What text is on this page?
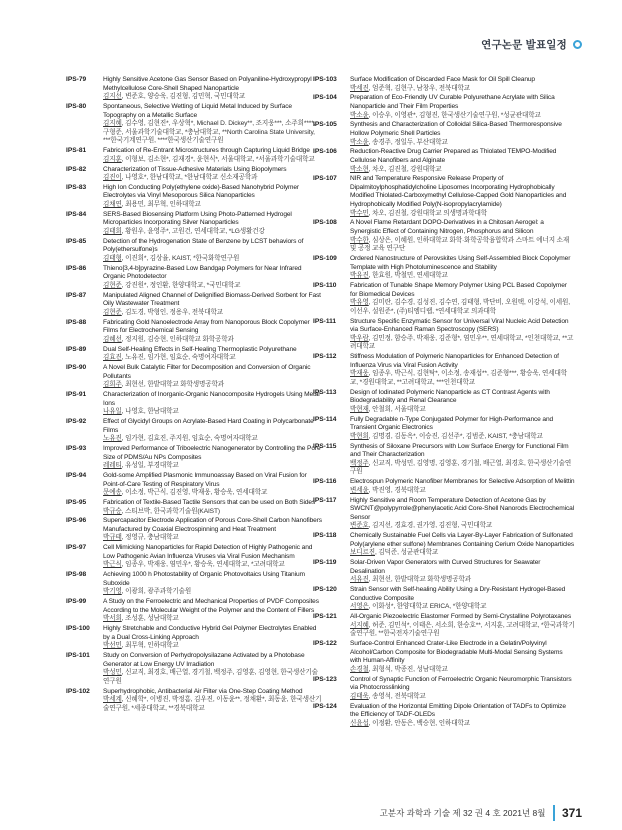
연구논문 발표일정
IPS-79	Highly Sensitive Acetone Gas Sensor Based on Polyaniline-Hydroxypropyl Methylcellulose Core-Shell Shaped Nanoparticle
김지선, 변준호, 양승욱, 김진형, 김민혁, 국민대학교
IPS-80	Spontaneous, Selective Wetting of Liquid Metal Induced by Surface Topography on a Metallic Surface
김지혜, 김수영, 김현진*, 우상혁*, Michael D. Dickey**, 조지웅***, 소주희****, 구형준, 서울과학기술대학교, *충남대학교, **North Carolina State University, ***한국기계연구원, ****한국생산기술연구원
IPS-81	Fabrication of Re-Entrant Microstructures through Capturing Liquid Bridge
김지훈, 이형보, 김소현*, 김재경*, 윤현식*, 서울대학교, *서울과학기술대학교
IPS-82	Characterization of Tissue-Adhesive Materials Using Biopolymers
김진이, 나영호*, 한남대학교, *한남대학교 신소재공학과
IPS-83	High Ion Conducting Poly(ethylene oxide)-Based Nanohybrid Polymer Electrolytes via Vinyl Mesoporous Silica Nanoparticles
김채연, 최용민, 최무혁, 인하대학교
IPS-84	SERS-Based Biosensing Platform Using Photo-Patterned Hydrogel Microparticles Incorporating Silver Nanoparticles
김태희, 황원우, 윤영주*, 고원건, 연세대학교, *LG생활건강
IPS-85	Detection of the Hydrogenation State of Benzene by LCST behaviors of Poly(ethersulfone)s
김태형, 이진희*, 김상율, KAIST, *한국화학연구원
IPS-86	Thieno[3,4-b]pyrazine-Based Low Bandgap Polymers for Near Infrared Organic Photodetector
김현준, 강진원*, 정인환, 한양대학교, *국민대학교
IPS-87	Manipulated Aligned Channel of Delignified Biomass-Derived Sorbent for Fast Oily Wastewater Treatment
김현준, 김도경, 박형인, 정용우, 전북대학교
IPS-88	Fabricating Gold Nanoelectrode Array from Nanoporous Block Copolymer Films for Electrochemical Sensing
김혜선, 정지원, 김승현, 인하대학교 화학공학과
IPS-89	Dual Self-Healing Effects in Self-Healing Thermoplastic Polyurethane
김효진, 노유진, 임가현, 임효순, 숙명여자대학교
IPS-90	A Novel Bulk Catalytic Filter for Decomposition and Conversion of Organic Pollutants
김희주, 최현선, 한밭대학교 화학생명공학과
IPS-91	Characterization of Inorganic-Organic Nanocomposite Hydrogels Using Metal Ions
나유일, 나영호, 한남대학교
IPS-92	Effect of Glycidyl Groups on Acrylate-Based Hard Coating in Polycarbonate Films
노유진, 임가현, 김효진, 주지원, 임효순, 숙명여자대학교
IPS-93	Improved Performance of Triboelectric Nanogenerator by Controlling the Pore Size of PDMS/Au NPs Composites
레레티, 유성일, 부경대학교
IPS-94	Gold-some Amplified Plasmonic Immunoassay Based on Viral Fusion for Point-of-Care Testing of Respiratory Virus
문예송, 이소정, 박근식, 김진영, 박재웅, 황승욱, 연세대학교
IPS-95	Fabrication of Textile-Based Tactile Sensors that can be used on Both Sides
박규승, 스티브박, 한국과학기술원(KAIST)
IPS-96	Supercapacitor Electrode Application of Porous Core-Shell Carbon Nanofibers Manufactured by Coaxial Electrospinning and Heat Treatment
박규태, 정영규, 충남대학교
IPS-97	Cell Mimicking Nanoparticles for Rapid Detection of Highly Pathogenic and Low Pathogenic Avian Influenza Viruses via Viral Fusion Mechanism
박근식, 임종우, 박재웅, 염민우*, 황승욱, 연세대학교, *고려대학교
IPS-98	Achieving 1000 h Photostability of Organic Photovoltaics Using Titanium Suboxide
박기영, 이광희, 광주과학기술원
IPS-99	A Study on the Ferroelectric and Mechanical Properties of PVDF Composites According to the Molecular Weight of the Polymer and the Content of Fillers
박서희, 조성훈, 성남대학교
IPS-100	Highly Stretchable and Conductive Hybrid Gel Polymer Electrolytes Enabled by a Dual Cross-Linking Approach
박선민, 최무혁, 인하대학교
IPS-101	Study on Conversion of Perhydropolysilazane Activated by a Photobase Generator at Low Energy UV Irradiation
박성민, 신교직, 최경호, 배근열, 경기철, 백정주, 김영훈, 김영현, 한국생산기술연구원
IPS-102	Superhydrophobic, Antibacterial Air Filter via One-Step Coating Method
박세계, 신혜학*, 이병진, 박정흠, 김우진, 이동윤**, 정채환*, 최동윤, 한국생산기술연구원, *세종대학교, **경북대학교
IPS-103	Surface Modification of Discarded Face Mask for Oil Spill Cleanup
박세진, 엄준혁, 김현구, 남창우, 전북대학교
IPS-104	Preparation of Eco-Friendly UV Curable Polyurethane Acrylate with Silica Nanoparticle and Their Film Properties
박소윤, 이승우, 이영관*, 김형진, 한국생산기술연구원, *성균관대학교
IPS-105	Synthesis and Characterization of Colloidal Silica-Based Thermoresponsive Hollow Polymeric Shell Particles
박소윤, 송경주, 정일두, 부산대학교
IPS-106	Reduction-Reactive Drug Carrier Prepared as Thiolated TEMPO-Modified Cellulose Nanofibers and Alginate
박소현, 차오, 김진철, 강원대학교
IPS-107	NIR and Temperature Responsive Release Property of Dipalmitoylphosphatidylcholine Liposomes Incorporating Hydrophobically Modified Thiolated-Carboxymethyl Cellulose-Capped Gold Nanoparticles and Hydrophobically Modified Poly(N-isopropylacrylamide)
박수민, 차오, 김진철, 강원대학교 의생명과학대학
IPS-108	A Novel Flame Retardant DOPO-Derivatives in a Chitosan Aerogel: a Synergistic Effect of Containing Nitrogen, Phosphorus and Silicon
박수한, 심상은, 이혜원, 인하대학교 화학·화학공학융합학과 스마트 에너지 소재 및 공정 교육 연구단
IPS-109	Ordered Nanostructure of Perovskites Using Self-Assembled Block Copolymer Template with High Photoluminescence and Stability
박유진, 한효원, 박철민, 연세대학교
IPS-110	Fabrication of Tunable Shape Memory Polymer Using PCL Based Copolymer for Biomedical Devices
박유영, 김미란, 김수경, 김성진, 김수연, 김태형, 박단비, 오원택, 이강석, 이세원, 이선우, 설원준*, (주)티엠디랩, *연세대학교 의과대학
IPS-111	Structure Specific Enzymatic Sensor for Universal Viral Nucleic Acid Detection via Surface-Enhanced Raman Spectroscopy (SERS)
박우람, 김민정, 함승주, 박재웅, 김준형*, 염민우**, 연세대학교, *인천대학교, **고려대학교
IPS-112	Stiffness Modulation of Polymeric Nanoparticles for Enhanced Detection of Influenza Virus via Viral Fusion Activity
박재웅, 임종우, 박근식, 김현탁*, 이소정, 송재섭**, 김준형***, 황승욱, 연세대학교, *경원대학교, **고려대학교, ***인천대학교
IPS-113	Design of Iodinated Polymeric Nanoparticle as CT Contrast Agents with Biodegradability and Renal Clearance
박현재, 안철희, 서울대학교
IPS-114	Fully Degradable n-Type Conjugated Polymer for High-Performance and Transient Organic Electronics
박현희, 김명겸, 김동옥*, 이승진, 김선주*, 김범준, KAIST, *충남대학교
IPS-115	Synthesis of Siloxane Precursors with Low Surface Energy for Functional Film and Their Characterization
백정주, 신교직, 박성민, 김영명, 김영훈, 경기철, 배근열, 최경호, 한국생산기술연구원
IPS-116	Electrospun Polymeric Nanofiber Membranes for Selective Adsorption of Melittin
변세윤, 박진영, 경북대학교
IPS-117	Highly Sensitive and Room Temperature Detection of Acetone Gas by SWCNT@polypyrrole@phenylacetic Acid Core-Shell Nanorods Electrochemical Sensor
변준호, 김지선, 경효경, 권가영, 김진형, 국민대학교
IPS-118	Chemically Sustainable Fuel Cells via Layer-By-Layer Fabrication of Sulfonated Poly(arylene ether sulfone) Membranes Containing Cerium Oxide Nanoparticles
보디르진, 김덕준, 성균관대학교
IPS-119	Solar-Driven Vapor Generators with Curved Structures for Seawater Desalination
서유진, 최현선, 한밭대학교 화학생명공학과
IPS-120	Strain Sensor with Self-healing Ability Using a Dry-Resistant Hydrogel-Based Conductive Composite
서영은, 이화성*, 한양대학교 ERICA, *한양대학교
IPS-121	All-Organic Piezoelectric Elastomer Formed by Semi-Crystalline Polyrotaxanes
서지혜, 허준, 김민석*, 이태은, 서소희, 한승호**, 서지훈, 고려대학교, *한국과학기술연구원, **한국전자기술연구원
IPS-122	Surface-Control Enhanced Crater-Like Electrode in a Gelatin/Polyvinyl Alcohol/Carbon Composite for Biodegradable Multi-Modal Sensing Systems with Human-Affinity
손경철, 최형석, 박종진, 성남대학교
IPS-123	Control of Synaptic Function of Ferroelectric Organic Neuromorphic Transistors via Photocrosslinking
김태욱, 송영석, 전북대학교
IPS-124	Evaluation of the Horizontal Emitting Dipole Orientation of TADFs to Optimize the Efficiency of TADF-OLEDs
신윤섭, 이정환, 안동은, 백승현, 인하대학교
고분자 과학과 기술 제 32 권 4 호 2021년 8월 371
